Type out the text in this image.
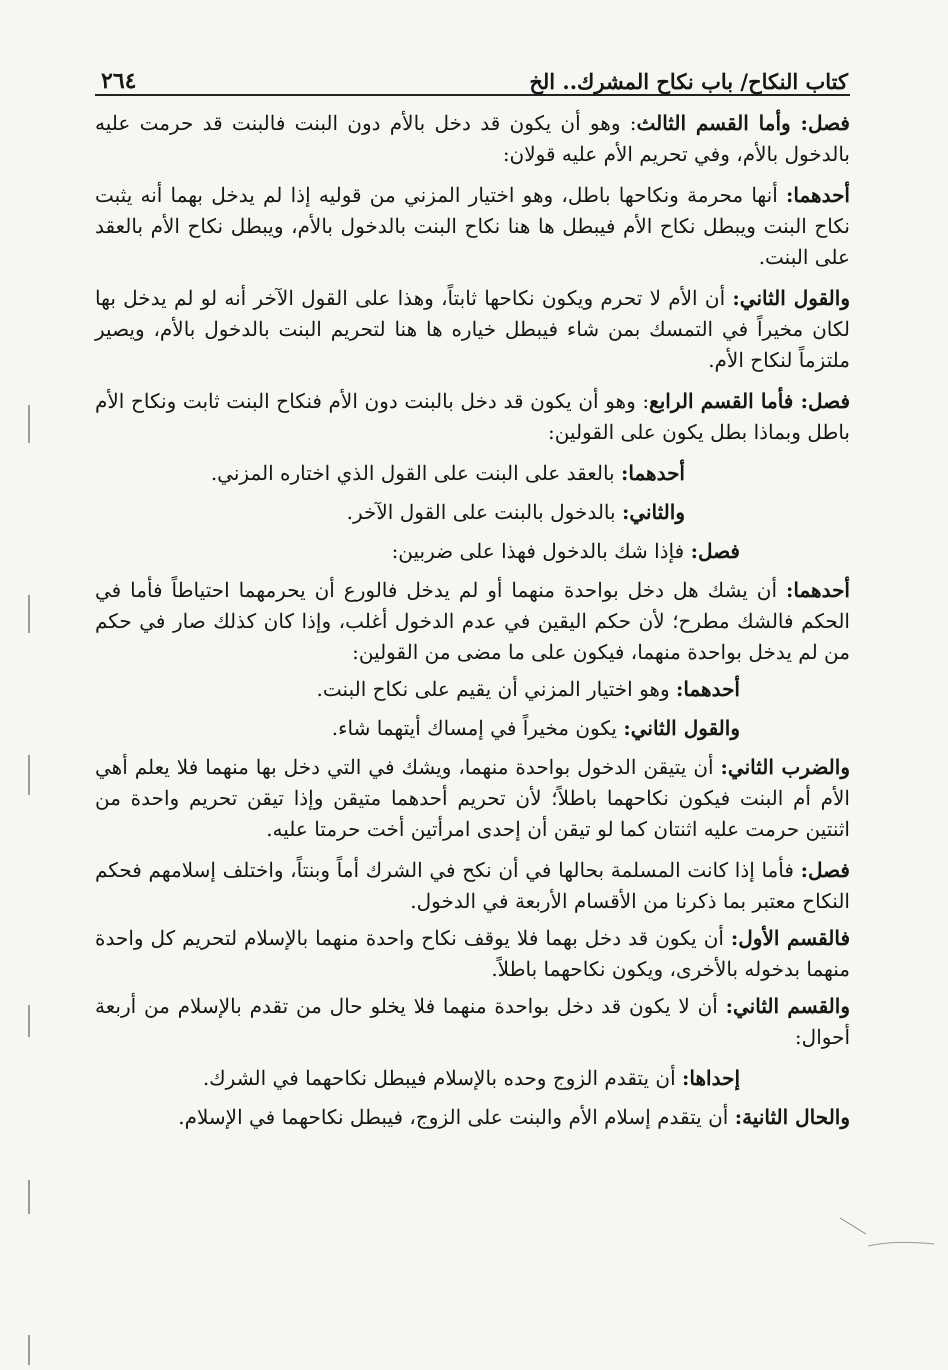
كتاب النكاح/ باب نكاح المشرك.. الخ
٢٦٤

فصل: وأما القسم الثالث: وهو أن يكون قد دخل بالأم دون البنت فالبنت قد حرمت عليه بالدخول بالأم، وفي تحريم الأم عليه قولان:

أحدهما: أنها محرمة ونكاحها باطل، وهو اختيار المزني من قوليه إذا لم يدخل بهما أنه يثبت نكاح البنت ويبطل نكاح الأم فيبطل ها هنا نكاح البنت بالدخول بالأم، ويبطل نكاح الأم بالعقد على البنت.

والقول الثاني: أن الأم لا تحرم ويكون نكاحها ثابتاً، وهذا على القول الآخر أنه لو لم يدخل بها لكان مخيراً في التمسك بمن شاء فيبطل خياره ها هنا لتحريم البنت بالدخول بالأم، ويصير ملتزماً لنكاح الأم.

فصل: فأما القسم الرابع: وهو أن يكون قد دخل بالبنت دون الأم فنكاح البنت ثابت ونكاح الأم باطل وبماذا بطل يكون على القولين:

أحدهما: بالعقد على البنت على القول الذي اختاره المزني.

والثاني: بالدخول بالبنت على القول الآخر.

فصل: فإذا شك بالدخول فهذا على ضربين:

أحدهما: أن يشك هل دخل بواحدة منهما أو لم يدخل فالورع أن يحرمهما احتياطاً فأما في الحكم فالشك مطرح؛ لأن حكم اليقين في عدم الدخول أغلب، وإذا كان كذلك صار في حكم من لم يدخل بواحدة منهما، فيكون على ما مضى من القولين:

أحدهما: وهو اختيار المزني أن يقيم على نكاح البنت.

والقول الثاني: يكون مخيراً في إمساك أيتهما شاء.

والضرب الثاني: أن يتيقن الدخول بواحدة منهما، ويشك في التي دخل بها منهما فلا يعلم أهي الأم أم البنت فيكون نكاحهما باطلاً؛ لأن تحريم أحدهما متيقن وإذا تيقن تحريم واحدة من اثنتين حرمت عليه اثنتان كما لو تيقن أن إحدى امرأتين أخت حرمتا عليه.

فصل: فأما إذا كانت المسلمة بحالها في أن نكح في الشرك أماً وبنتاً، واختلف إسلامهم فحكم النكاح معتبر بما ذكرنا من الأقسام الأربعة في الدخول.

فالقسم الأول: أن يكون قد دخل بهما فلا يوقف نكاح واحدة منهما بالإسلام لتحريم كل واحدة منهما بدخوله بالأخرى، ويكون نكاحهما باطلاً.

والقسم الثاني: أن لا يكون قد دخل بواحدة منهما فلا يخلو حال من تقدم بالإسلام من أربعة أحوال:

إحداها: أن يتقدم الزوج وحده بالإسلام فيبطل نكاحهما في الشرك.

والحال الثانية: أن يتقدم إسلام الأم والبنت على الزوج، فيبطل نكاحهما في الإسلام.
